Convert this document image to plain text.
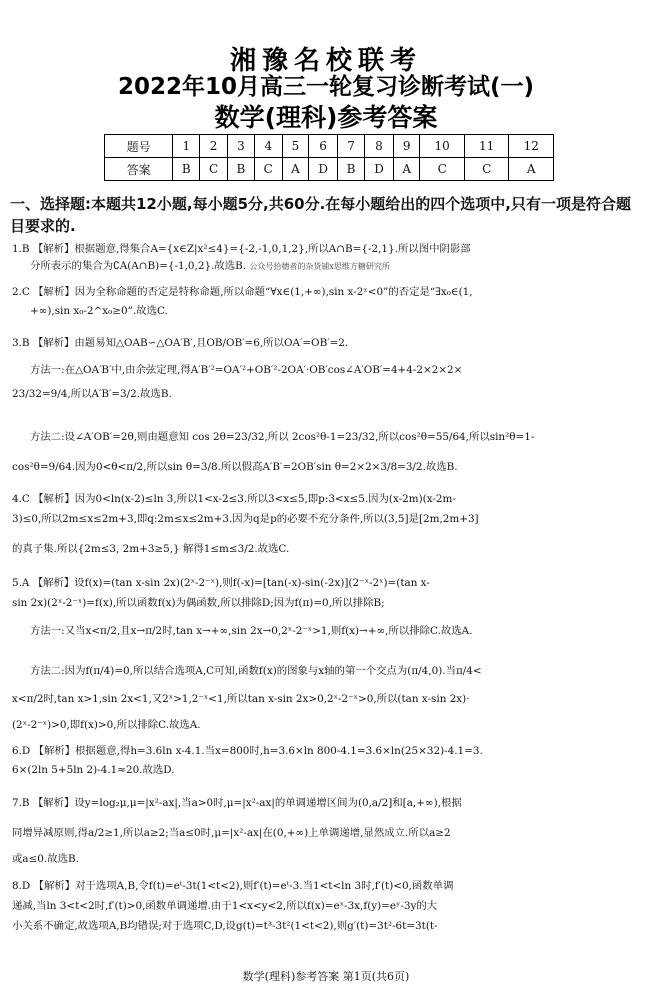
湘豫名校联考
2022年10月高三一轮复习诊断考试(一)
数学(理科)参考答案
题号	1	2	3	4	5	6	7	8	9	10	11	12
答案	B	C	B	C	A	D	B	D	A	C	C	A
一、选择题:本题共12小题,每小题5分,共60分.在每小题给出的四个选项中,只有一项是符合题目要求的.
1.B 【解析】根据题意,得集合A={x∈Z|x²≤4}={-2,-1,0,1,2},所以A∩B={-2,1}.所以图中阴影部
分所表示的集合为∁A(A∩B)={-1,0,2}.故选B. 公众号拾穗者的杂货铺x思维方糖研究所
2.C 【解析】因为全称命题的否定是特称命题,所以命题“∀x∈(1,+∞),sin x-2ˣ<0”的否定是“∃x₀∈(1,
+∞),sin x₀-2^x₀≥0”.故选C.
3.B 【解析】由题易知△OAB∽△OA′B′,且OB/OB′=6,所以OA′=OB′=2.
方法一:在△OA′B′中,由余弦定理,得A′B′²=OA′²+OB′²-2OA′·OB′cos∠A′OB′=4+4-2×2×2×
23/32=9/4,所以A′B′=3/2.故选B.
方法二:设∠A′OB′=2θ,则由题意知 cos 2θ=23/32,所以 2cos²θ-1=23/32,所以cos²θ=55/64,所以sin²θ=1-
cos²θ=9/64.因为0<θ<π/2,所以sin θ=3/8.所以假高A′B′=2OB′sin θ=2×2×3/8=3/2.故选B.
4.C 【解析】因为0<ln(x-2)≤ln 3,所以1<x-2≤3.所以3<x≤5,即p:3<x≤5.因为(x-2m)(x-2m-
3)≤0,所以2m≤x≤2m+3,即q:2m≤x≤2m+3.因为q是p的必要不充分条件,所以(3,5]是[2m,2m+3]
的真子集.所以{2m≤3, 2m+3≥5,} 解得1≤m≤3/2.故选C.
5.A 【解析】设f(x)=(tan x-sin 2x)(2ˣ-2⁻ˣ),则f(-x)=[tan(-x)-sin(-2x)](2⁻ˣ-2ˣ)=(tan x-
sin 2x)(2ˣ-2⁻ˣ)=f(x),所以函数f(x)为偶函数,所以排除D;因为f(π)=0,所以排除B;
方法一:又当x<π/2,且x→π/2时,tan x→+∞,sin 2x→0,2ˣ-2⁻ˣ>1,则f(x)→+∞,所以排除C.故选A.
方法二:因为f(π/4)=0,所以结合选项A,C可知,函数f(x)的图象与x轴的第一个交点为(π/4,0).当π/4<
x<π/2时,tan x>1,sin 2x<1,又2ˣ>1,2⁻ˣ<1,所以tan x-sin 2x>0,2ˣ-2⁻ˣ>0,所以(tan x-sin 2x)·
(2ˣ-2⁻ˣ)>0,即f(x)>0,所以排除C.故选A.
6.D 【解析】根据题意,得h=3.6ln x-4.1.当x=800时,h=3.6×ln 800-4.1=3.6×ln(25×32)-4.1=3.
6×(2ln 5+5ln 2)-4.1≈20.故选D.
7.B 【解析】设y=log₂μ,μ=|x²-ax|,当a>0时,μ=|x²-ax|的单调递增区间为(0,a/2]和[a,+∞),根据
同增异减原则,得a/2≥1,所以a≥2;当a≤0时,μ=|x²-ax|在(0,+∞)上单调递增,显然成立.所以a≥2
或a≤0.故选B.
8.D 【解析】对于选项A,B,令f(t)=eᵗ-3t(1<t<2),则f′(t)=eᵗ-3.当1<t<ln 3时,f′(t)<0,函数单调
递减,当ln 3<t<2时,f′(t)>0,函数单调递增.由于1<x<y<2,所以f(x)=eˣ-3x,f(y)=eʸ-3y的大
小关系不确定,故选项A,B均错误;对于选项C,D,设g(t)=t³-3t²(1<t<2),则g′(t)=3t²-6t=3t(t-
数学(理科)参考答案 第1页(共6页)
